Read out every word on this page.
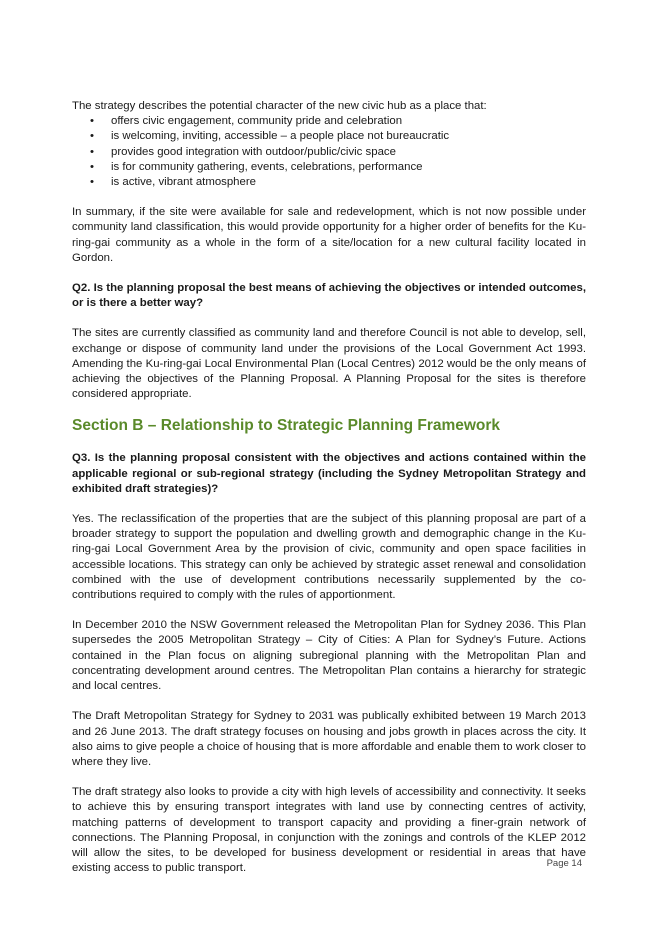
The strategy describes the potential character of the new civic hub as a place that:

• offers civic engagement, community pride and celebration
• is welcoming, inviting, accessible – a people place not bureaucratic
• provides good integration with outdoor/public/civic space
• is for community gathering, events, celebrations, performance
• is active, vibrant atmosphere

In summary, if the site were available for sale and redevelopment, which is not now possible under community land classification, this would provide opportunity for a higher order of benefits for the Ku-ring-gai community as a whole in the form of a site/location for a new cultural facility located in Gordon.

Q2. Is the planning proposal the best means of achieving the objectives or intended outcomes, or is there a better way?

The sites are currently classified as community land and therefore Council is not able to develop, sell, exchange or dispose of community land under the provisions of the Local Government Act 1993. Amending the Ku-ring-gai Local Environmental Plan (Local Centres) 2012 would be the only means of achieving the objectives of the Planning Proposal. A Planning Proposal for the sites is therefore considered appropriate.

Section B – Relationship to Strategic Planning Framework

Q3. Is the planning proposal consistent with the objectives and actions contained within the applicable regional or sub-regional strategy (including the Sydney Metropolitan Strategy and exhibited draft strategies)?

Yes. The reclassification of the properties that are the subject of this planning proposal are part of a broader strategy to support the population and dwelling growth and demographic change in the Ku-ring-gai Local Government Area by the provision of civic, community and open space facilities in accessible locations. This strategy can only be achieved by strategic asset renewal and consolidation combined with the use of development contributions necessarily supplemented by the co-contributions required to comply with the rules of apportionment.

In December 2010 the NSW Government released the Metropolitan Plan for Sydney 2036. This Plan supersedes the 2005 Metropolitan Strategy – City of Cities: A Plan for Sydney’s Future. Actions contained in the Plan focus on aligning subregional planning with the Metropolitan Plan and concentrating development around centres. The Metropolitan Plan contains a hierarchy for strategic and local centres.

The Draft Metropolitan Strategy for Sydney to 2031 was publically exhibited between 19 March 2013 and 26 June 2013. The draft strategy focuses on housing and jobs growth in places across the city. It also aims to give people a choice of housing that is more affordable and enable them to work closer to where they live.

The draft strategy also looks to provide a city with high levels of accessibility and connectivity. It seeks to achieve this by ensuring transport integrates with land use by connecting centres of activity, matching patterns of development to transport capacity and providing a finer-grain network of connections. The Planning Proposal, in conjunction with the zonings and controls of the KLEP 2012 will allow the sites, to be developed for business development or residential in areas that have existing access to public transport.	Page 14
